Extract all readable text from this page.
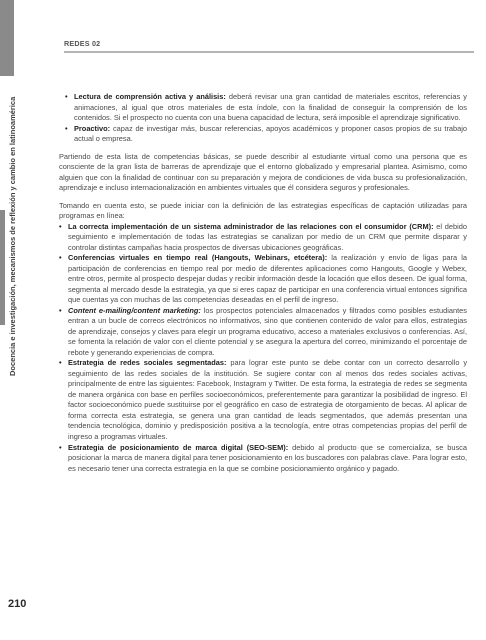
REDES 02
Docencia e investigación, mecanismos de reflexión y cambio en latinoamérica
210
• Lectura de comprensión activa y análisis: deberá revisar una gran cantidad de materiales escritos, referencias y animaciones, al igual que otros materiales de esta índole, con la finalidad de conseguir la comprensión de los contenidos. Si el prospecto no cuenta con una buena capacidad de lectura, será imposible el aprendizaje significativo.
• Proactivo: capaz de investigar más, buscar referencias, apoyos académicos y proponer casos propios de su trabajo actual o empresa.

Partiendo de esta lista de competencias básicas, se puede describir al estudiante virtual como una persona que es consciente de la gran lista de barreras de aprendizaje que el entorno globalizado y empresarial plantea. Asimismo, como alguien que con la finalidad de continuar con su preparación y mejora de condiciones de vida busca su profesionalización, aprendizaje e incluso internacionalización en ambientes virtuales que él considera seguros y profesionales.

Tomando en cuenta esto, se puede iniciar con la definición de las estrategias específicas de captación utilizadas para programas en línea:

• La correcta implementación de un sistema administrador de las relaciones con el consumidor (CRM): el debido seguimiento e implementación de todas las estrategias se canalizan por medio de un CRM que permite disparar y controlar distintas campañas hacia prospectos de diversas ubicaciones geográficas.
• Conferencias virtuales en tiempo real (Hangouts, Webinars, etcétera): la realización y envío de ligas para la participación de conferencias en tiempo real por medio de diferentes aplicaciones como Hangouts, Google y Webex, entre otros, permite al prospecto despejar dudas y recibir información desde la locación que ellos deseen. De igual forma, segmenta al mercado desde la estrategia, ya que si eres capaz de participar en una conferencia virtual entonces significa que cuentas ya con muchas de las competencias deseadas en el perfil de ingreso.
• Content e-mailing/content marketing: los prospectos potenciales almacenados y filtrados como posibles estudiantes entran a un bucle de correos electrónicos no informativos, sino que contienen contenido de valor para ellos, estrategias de aprendizaje, consejos y claves para elegir un programa educativo, acceso a materiales exclusivos o conferencias. Así, se fomenta la relación de valor con el cliente potencial y se asegura la apertura del correo, minimizando el porcentaje de rebote y generando experiencias de compra.
• Estrategia de redes sociales segmentadas: para lograr este punto se debe contar con un correcto desarrollo y seguimiento de las redes sociales de la institución. Se sugiere contar con al menos dos redes sociales activas, principalmente de entre las siguientes: Facebook, Instagram y Twitter. De esta forma, la estrategia de redes se segmenta de manera orgánica con base en perfiles socioeconómicos, preferentemente para garantizar la posibilidad de ingreso. El factor socioeconómico puede sustituirse por el geográfico en caso de estrategia de otorgamiento de becas. Al aplicar de forma correcta esta estrategia, se genera una gran cantidad de leads segmentados, que además presentan una tendencia tecnológica, dominio y predisposición positiva a la tecnología, entre otras competencias propias del perfil de ingreso a programas virtuales.
• Estrategia de posicionamiento de marca digital (SEO-SEM): debido al producto que se comercializa, se busca posicionar la marca de manera digital para tener posicionamiento en los buscadores con palabras clave. Para lograr esto, es necesario tener una correcta estrategia en la que se combine posicionamiento orgánico y pagado.
